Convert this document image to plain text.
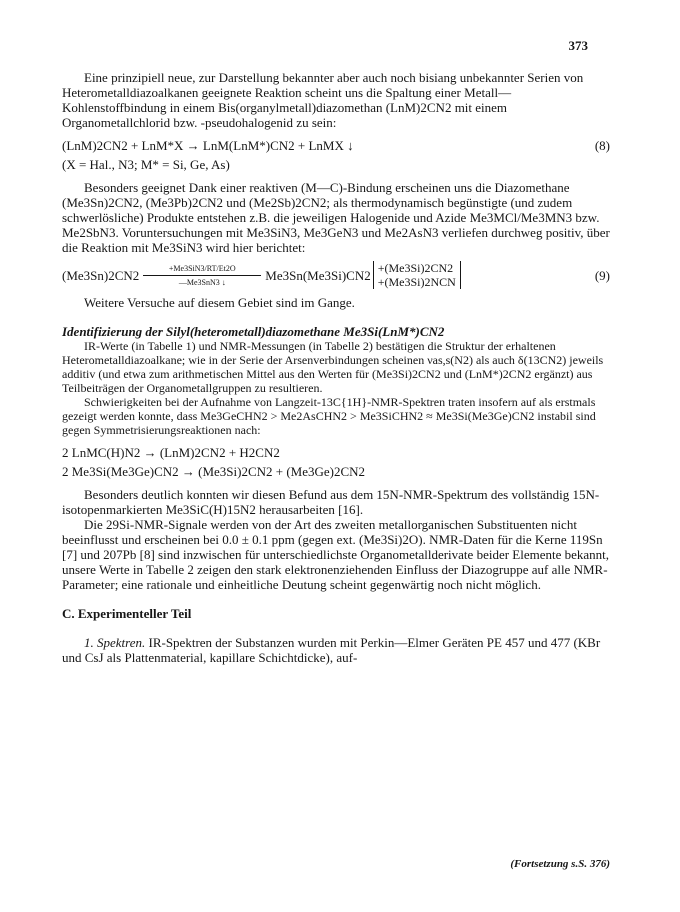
373

Eine prinzipiell neue, zur Darstellung bekannter aber auch noch bisiang unbekannter Serien von Heterometalldiazoalkanen geeignete Reaktion scheint uns die Spaltung einer Metall—Kohlenstoffbindung in einem Bis(organylmetall)diazomethan (LnM)2CN2 mit einem Organometallchlorid bzw. -pseudohalogenid zu sein:

(LnM)2CN2 + LnM*X → LnM(LnM*)CN2 + LnMX ↓	(8)

(X = Hal., N3; M* = Si, Ge, As)

Besonders geeignet Dank einer reaktiven (M—C)-Bindung erscheinen uns die Diazomethane (Me3Sn)2CN2, (Me3Pb)2CN2 und (Me2Sb)2CN2; als thermodynamisch begünstigte (und zudem schwerlösliche) Produkte entstehen z.B. die jeweiligen Halogenide und Azide Me3MCl/Me3MN3 bzw. Me2SbN3. Voruntersuchungen mit Me3SiN3, Me3GeN3 und Me2AsN3 verliefen durchweg positiv, über die Reaktion mit Me3SiN3 wird hier berichtet:

(Me3Sn)2CN2	+Me3SiN3/RT/Et2O
—Me3SnN3 ↓	Me3Sn(Me3Si)CN2 +(Me3Si)2CN2
+(Me3Si)2NCN	(9)

Weitere Versuche auf diesem Gebiet sind im Gange.

Identifizierung der Silyl(heterometall)diazomethane Me3Si(LnM*)CN2

IR-Werte (in Tabelle 1) und NMR-Messungen (in Tabelle 2) bestätigen die Struktur der erhaltenen Heterometalldiazoalkane; wie in der Serie der Arsenverbindungen scheinen νas,s(N2) als auch δ(13CN2) jeweils additiv (und etwa zum arithmetischen Mittel aus den Werten für (Me3Si)2CN2 und (LnM*)2CN2 ergänzt) aus Teilbeiträgen der Organometallgruppen zu resultieren.

Schwierigkeiten bei der Aufnahme von Langzeit-13C{1H}-NMR-Spektren traten insofern auf als erstmals gezeigt werden konnte, dass Me3GeCHN2 > Me2AsCHN2 > Me3SiCHN2 ≈ Me3Si(Me3Ge)CN2 instabil sind gegen Symmetrisierungsreaktionen nach:

2 LnMC(H)N2 → (LnM)2CN2 + H2CN2

2 Me3Si(Me3Ge)CN2 → (Me3Si)2CN2 + (Me3Ge)2CN2

Besonders deutlich konnten wir diesen Befund aus dem 15N-NMR-Spektrum des vollständig 15N-isotopenmarkierten Me3SiC(H)15N2 herausarbeiten [16].

Die 29Si-NMR-Signale werden von der Art des zweiten metallorganischen Substituenten nicht beeinflusst und erscheinen bei 0.0 ± 0.1 ppm (gegen ext. (Me3Si)2O). NMR-Daten für die Kerne 119Sn [7] und 207Pb [8] sind inzwischen für unterschiedlichste Organometallderivate beider Elemente bekannt, unsere Werte in Tabelle 2 zeigen den stark elektronenziehenden Einfluss der Diazogruppe auf alle NMR-Parameter; eine rationale und einheitliche Deutung scheint gegenwärtig noch nicht möglich.

C. Experimenteller Teil

1. Spektren. IR-Spektren der Substanzen wurden mit Perkin—Elmer Geräten PE 457 und 477 (KBr und CsJ als Plattenmaterial, kapillare Schichtdicke), auf-

(Fortsetzung s.S. 376)
